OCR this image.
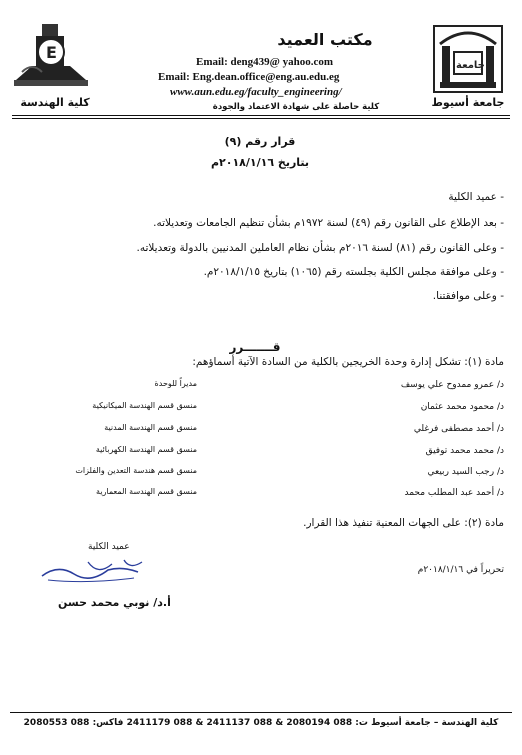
E
كلية الهندسة
جامعة
جامعة أسيوط
مكتب العميد
Email: deng439@ yahoo.com
Email: Eng.dean.office@eng.au.edu.eg
www.aun.edu.eg/faculty_engineering/
كلية حاصلة على شهادة الاعتماد والجودة
قرار رقم (٩)
بتاريخ ٢٠١٨/١/١٦م
- عميد الكلية
- بعد الإطلاع على القانون رقم (٤٩) لسنة ١٩٧٢م بشأن تنظيم الجامعات وتعديلاته.
- وعلى القانون رقم (٨١) لسنة ٢٠١٦م بشأن نظام العاملين المدنيين بالدولة وتعديلاته.
- وعلى موافقة مجلس الكلية بجلسته رقم (١٠٦٥) بتاريخ ٢٠١٨/١/١٥م.
- وعلى موافقتنا.
قـــــــرر
مادة (١): تشكل إدارة وحدة الخريجين بالكلية من السادة الآتية أسماؤهم:
د/ عمرو ممدوح علي يوسف
مديراً للوحدة
د/ محمود محمد عثمان
منسق قسم الهندسة الميكانيكية
د/ أحمد مصطفى فرغلي
منسق قسم الهندسة المدنية
د/ محمد محمد توفيق
منسق قسم الهندسة الكهربائية
د/ رجب السيد ربيعي
منسق قسم هندسة التعدين والفلزات
د/ أحمد عبد المطلب محمد
منسق قسم الهندسة المعمارية
مادة (٢): على الجهات المعنية تنفيذ هذا القرار.
عميد الكلية
أ.د/ نوبي محمد حسن
تحريراً في ٢٠١٨/١/١٦م
كلية الهندسة – جامعة أسيوط ت: 088 2080194 & 088 2411137 & 088 2411179 فاكس: 088 2080553
